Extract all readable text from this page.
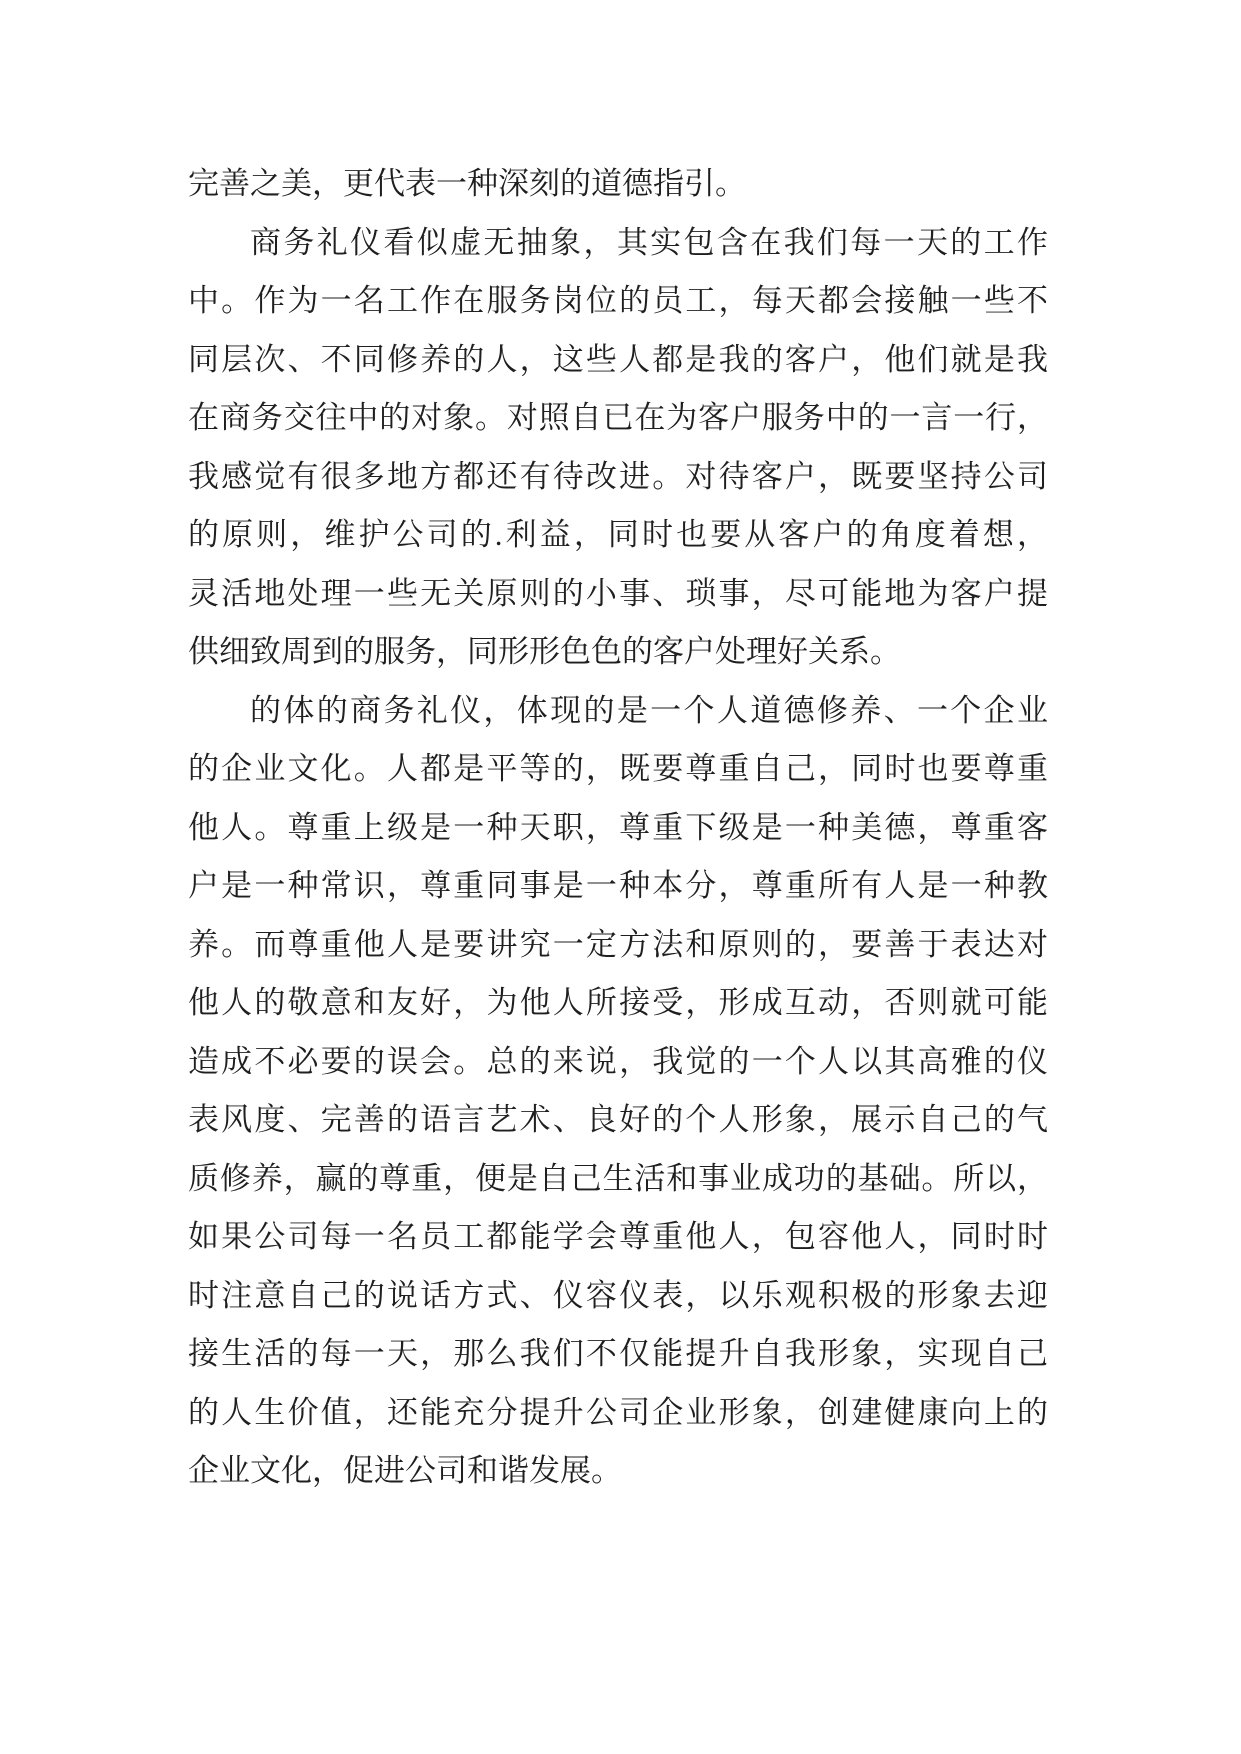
完善之美，更代表一种深刻的道德指引。
商务礼仪看似虚无抽象，其实包含在我们每一天的工作
中。作为一名工作在服务岗位的员工，每天都会接触一些不
同层次、不同修养的人，这些人都是我的客户，他们就是我
在商务交往中的对象。对照自已在为客户服务中的一言一行，
我感觉有很多地方都还有待改进。对待客户，既要坚持公司
的原则，维护公司的.利益，同时也要从客户的角度着想，
灵活地处理一些无关原则的小事、琐事，尽可能地为客户提
供细致周到的服务，同形形色色的客户处理好关系。
的体的商务礼仪，体现的是一个人道德修养、一个企业
的企业文化。人都是平等的，既要尊重自己，同时也要尊重
他人。尊重上级是一种天职，尊重下级是一种美德，尊重客
户是一种常识，尊重同事是一种本分，尊重所有人是一种教
养。而尊重他人是要讲究一定方法和原则的，要善于表达对
他人的敬意和友好，为他人所接受，形成互动，否则就可能
造成不必要的误会。总的来说，我觉的一个人以其高雅的仪
表风度、完善的语言艺术、良好的个人形象，展示自己的气
质修养，赢的尊重，便是自己生活和事业成功的基础。所以，
如果公司每一名员工都能学会尊重他人，包容他人，同时时
时注意自己的说话方式、仪容仪表，以乐观积极的形象去迎
接生活的每一天，那么我们不仅能提升自我形象，实现自己
的人生价值，还能充分提升公司企业形象，创建健康向上的
企业文化，促进公司和谐发展。
